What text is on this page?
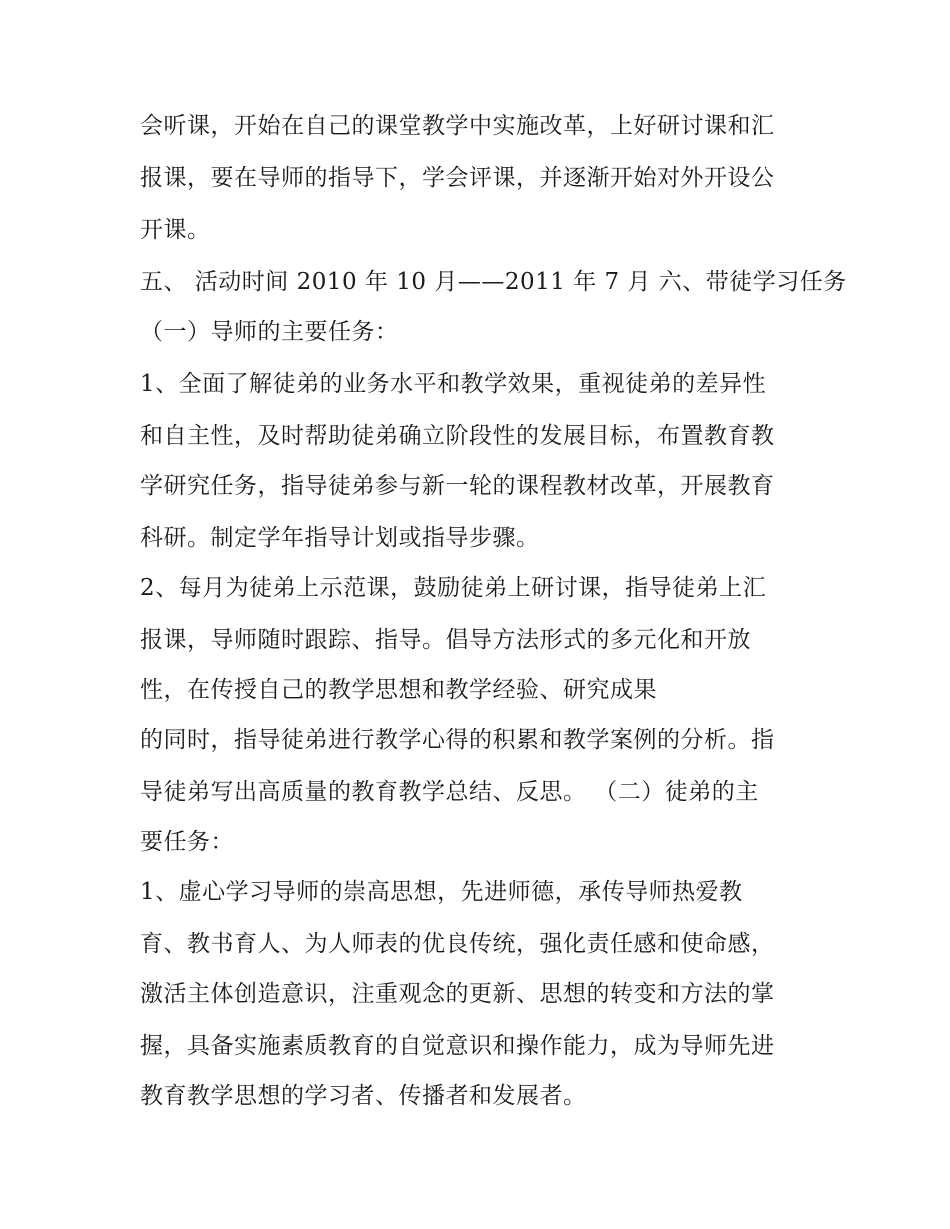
会听课，开始在自己的课堂教学中实施改革，上好研讨课和汇
报课，要在导师的指导下，学会评课，并逐渐开始对外开设公
开课。
五、 活动时间 2010 年 10 月——2011 年 7 月 六、带徒学习任务
（一）导师的主要任务：
1、全面了解徒弟的业务水平和教学效果，重视徒弟的差异性
和自主性，及时帮助徒弟确立阶段性的发展目标，布置教育教
学研究任务，指导徒弟参与新一轮的课程教材改革，开展教育
科研。制定学年指导计划或指导步骤。
2、每月为徒弟上示范课，鼓励徒弟上研讨课，指导徒弟上汇
报课，导师随时跟踪、指导。倡导方法形式的多元化和开放
性，在传授自己的教学思想和教学经验、研究成果
的同时，指导徒弟进行教学心得的积累和教学案例的分析。指
导徒弟写出高质量的教育教学总结、反思。 （二）徒弟的主
要任务：
1、虚心学习导师的崇高思想，先进师德，承传导师热爱教
育、教书育人、为人师表的优良传统，强化责任感和使命感，
激活主体创造意识，注重观念的更新、思想的转变和方法的掌
握，具备实施素质教育的自觉意识和操作能力，成为导师先进
教育教学思想的学习者、传播者和发展者。
